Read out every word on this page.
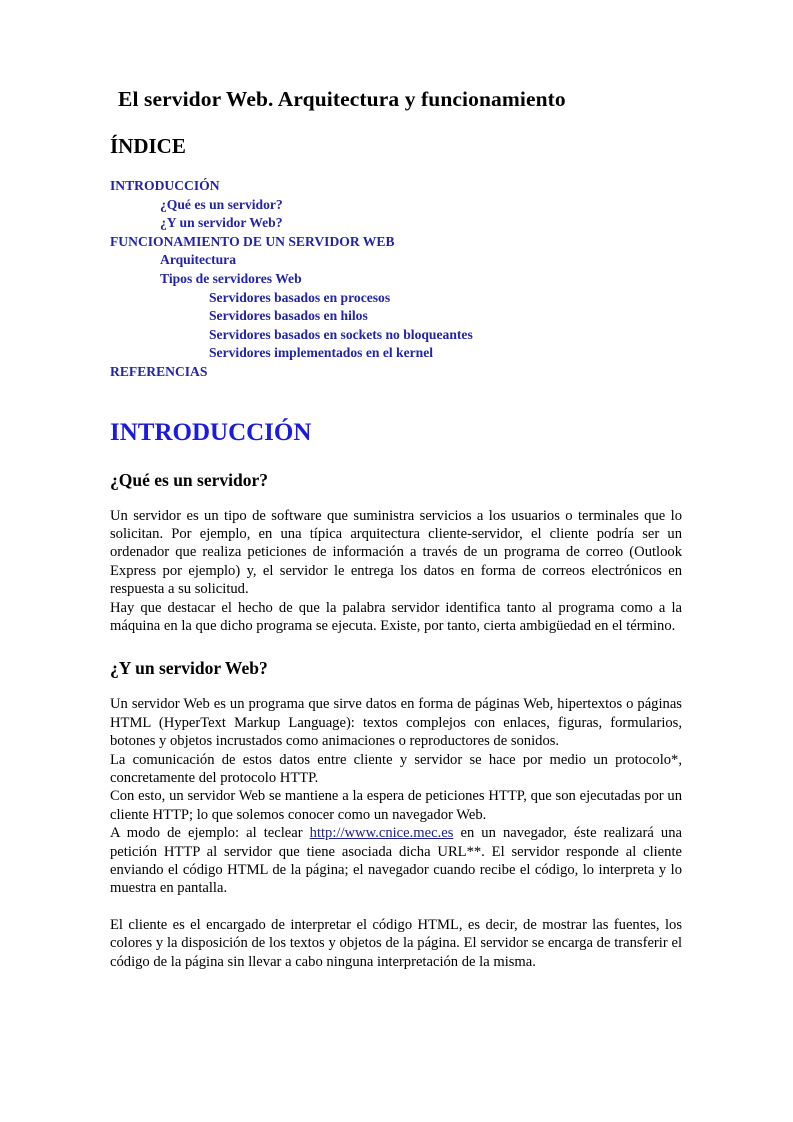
El servidor Web. Arquitectura y funcionamiento
ÍNDICE
INTRODUCCIÓN
¿Qué es un servidor?
¿Y un servidor Web?
FUNCIONAMIENTO DE UN SERVIDOR WEB
Arquitectura
Tipos de servidores Web
Servidores basados en procesos
Servidores basados en hilos
Servidores basados en sockets no bloqueantes
Servidores implementados en el kernel
REFERENCIAS
INTRODUCCIÓN
¿Qué es un servidor?

Un servidor es un tipo de software que suministra servicios a los usuarios o terminales que lo solicitan. Por ejemplo, en una típica arquitectura cliente-servidor, el cliente podría ser un ordenador que realiza peticiones de información a través de un programa de correo (Outlook Express por ejemplo) y, el servidor le entrega los datos en forma de correos electrónicos en respuesta a su solicitud.

Hay que destacar el hecho de que la palabra servidor identifica tanto al programa como a la máquina en la que dicho programa se ejecuta. Existe, por tanto, cierta ambigüedad en el término.

¿Y un servidor Web?

Un servidor Web es un programa que sirve datos en forma de páginas Web, hipertextos o páginas HTML (HyperText Markup Language): textos complejos con enlaces, figuras, formularios, botones y objetos incrustados como animaciones o reproductores de sonidos.

La comunicación de estos datos entre cliente y servidor se hace por medio un protocolo*, concretamente del protocolo HTTP.

Con esto, un servidor Web se mantiene a la espera de peticiones HTTP, que son ejecutadas por un cliente HTTP; lo que solemos conocer como un navegador Web.

A modo de ejemplo: al teclear http://www.cnice.mec.es en un navegador, éste realizará una petición HTTP al servidor que tiene asociada dicha URL**. El servidor responde al cliente enviando el código HTML de la página; el navegador cuando recibe el código, lo interpreta y lo muestra en pantalla.

El cliente es el encargado de interpretar el código HTML, es decir, de mostrar las fuentes, los colores y la disposición de los textos y objetos de la página. El servidor se encarga de transferir el código de la página sin llevar a cabo ninguna interpretación de la misma.
